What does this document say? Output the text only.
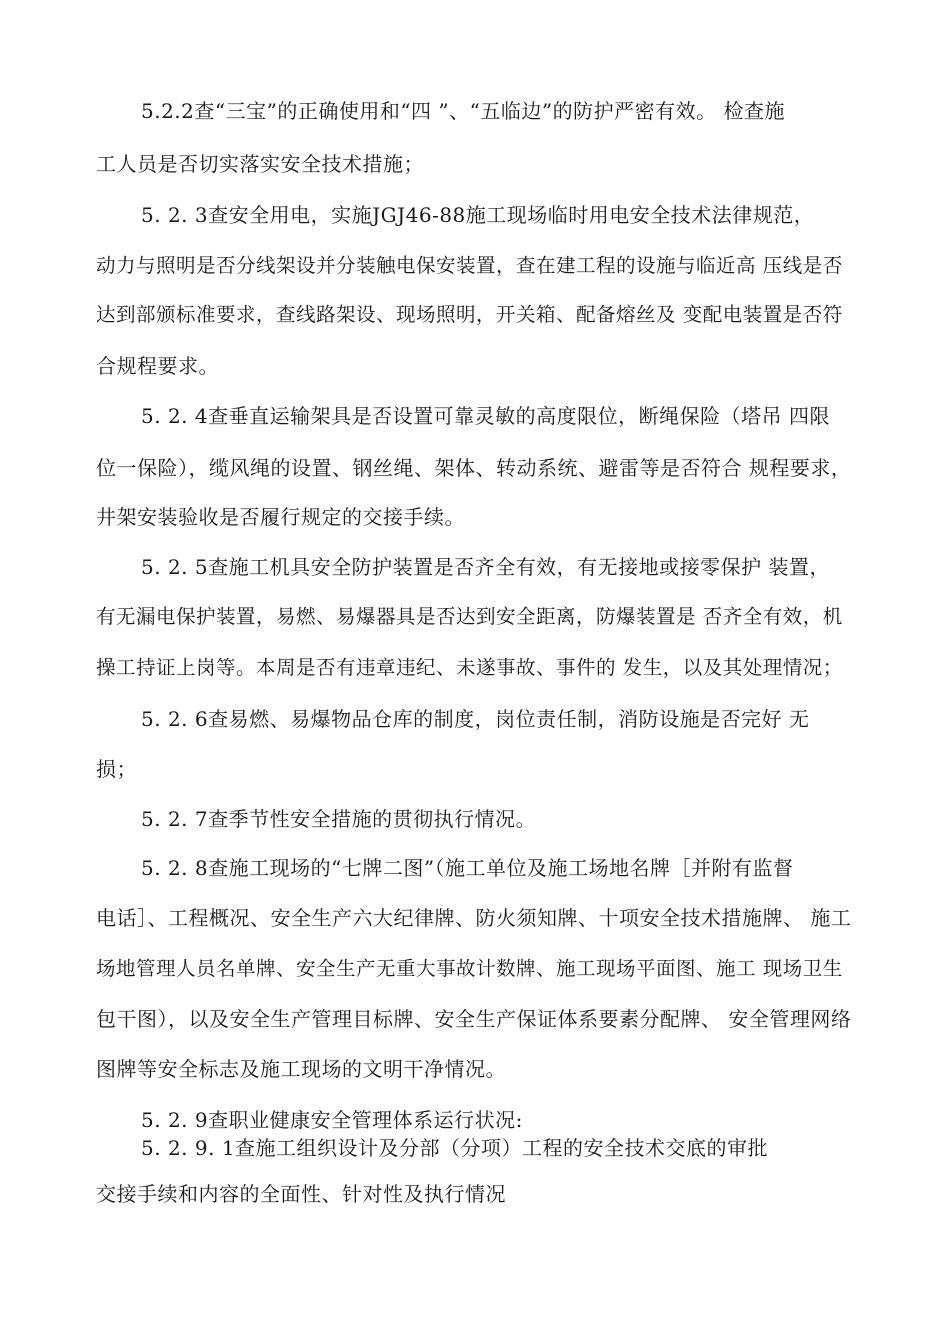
5.2.2查“三宝”的正确使用和“四 ”、“五临边”的防护严密有效。 检查施
工人员是否切实落实安全技术措施；
5. 2. 3查安全用电，实施JGJ46-88施工现场临时用电安全技术法律规范，
动力与照明是否分线架设并分装触电保安装置，查在建工程的设施与临近高 压线是否
达到部颁标准要求，查线路架设、现场照明，开关箱、配备熔丝及 变配电装置是否符
合规程要求。
5. 2. 4查垂直运输架具是否设置可靠灵敏的高度限位，断绳保险（塔吊 四限
位一保险），缆风绳的设置、钢丝绳、架体、转动系统、避雷等是否符合 规程要求，
井架安装验收是否履行规定的交接手续。
5. 2. 5查施工机具安全防护装置是否齐全有效，有无接地或接零保护 装置，
有无漏电保护装置，易燃、易爆器具是否达到安全距离，防爆装置是 否齐全有效，机
操工持证上岗等。本周是否有违章违纪、未遂事故、事件的 发生，以及其处理情况；
5. 2. 6查易燃、易爆物品仓库的制度，岗位责任制，消防设施是否完好 无
损；
5. 2. 7查季节性安全措施的贯彻执行情况。
5. 2. 8查施工现场的“七牌二图”（施工单位及施工场地名牌［并附有监督
电话］、工程概况、安全生产六大纪律牌、防火须知牌、十项安全技术措施牌、 施工
场地管理人员名单牌、安全生产无重大事故计数牌、施工现场平面图、施工 现场卫生
包干图），以及安全生产管理目标牌、安全生产保证体系要素分配牌、 安全管理网络
图牌等安全标志及施工现场的文明干净情况。
5. 2. 9查职业健康安全管理体系运行状况:
5. 2. 9. 1查施工组织设计及分部（分项）工程的安全技术交底的审批
交接手续和内容的全面性、针对性及执行情况
